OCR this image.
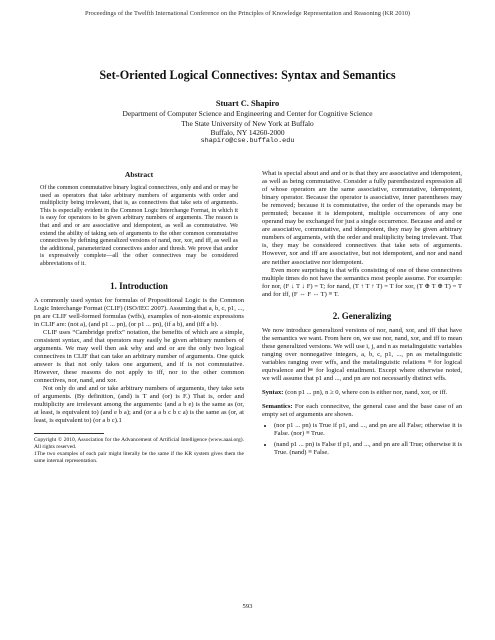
Proceedings of the Twelfth International Conference on the Principles of Knowledge Representation and Reasoning (KR 2010)
Set-Oriented Logical Connectives: Syntax and Semantics
Stuart C. Shapiro
Department of Computer Science and Engineering and Center for Cognitive Science
The State University of New York at Buffalo
Buffalo, NY 14260-2000
shapiro@cse.buffalo.edu
Abstract

Of the common commutative binary logical connectives, only and and or may be used as operators that take arbitrary numbers of arguments with order and multiplicity being irrelevant, that is, as connectives that take sets of arguments. This is especially evident in the Common Logic Interchange Format, in which it is easy for operators to be given arbitrary numbers of arguments. The reason is that and and or are associative and idempotent, as well as commutative. We extend the ability of taking sets of arguments to the other common commutative connectives by defining generalized versions of nand, nor, xor, and iff, as well as the additional, parameterized connectives andor and thresh. We prove that andor is expressively complete—all the other connectives may be considered abbreviations of it.

1. Introduction

A commonly used syntax for formulas of Propositional Logic is the Common Logic Interchange Format (CLIF) (ISO/IEC 2007). Assuming that a, b, c, p1, ..., pn are CLIF well-formed formulas (wffs), examples of non-atomic expressions in CLIF are: (not a), (and p1 ... pn), (or p1 ... pn), (if a b), and (iff a b).

CLIF uses “Cambridge prefix” notation, the benefits of which are a simple, consistent syntax, and that operators may easily be given arbitrary numbers of arguments. We may well then ask why and and or are the only two logical connectives in CLIF that can take an arbitrary number of arguments. One quick answer is that not only takes one argument, and if is not commutative. However, these reasons do not apply to iff, nor to the other common connectives, nor, nand, and xor.

Not only do and and or take arbitrary numbers of arguments, they take sets of arguments. (By definition, (and) is T and (or) is F.) That is, order and multiplicity are irrelevant among the arguments: (and a b e) is the same as (or, at least, is equivalent to) (and e b a); and (or a a b c b c a) is the same as (or, at least, is equivalent to) (or a b c).1

Copyright © 2010, Association for the Advancement of Artificial Intelligence (www.aaai.org). All rights reserved.

1The two examples of each pair might literally be the same if the KR system gives them the same internal representation.

What is special about and and or is that they are associative and idempotent, as well as being commutative. Consider a fully parenthesized expression all of whose operators are the same associative, commutative, idempotent, binary operator. Because the operator is associative, inner parentheses may be removed; because it is commutative, the order of the operands may be permuted; because it is idempotent, multiple occurrences of any one operand may be exchanged for just a single occurrence. Because and and or are associative, commutative, and idempotent, they may be given arbitrary numbers of arguments, with the order and multiplicity being irrelevant. That is, they may be considered connectives that take sets of arguments. However, xor and iff are associative, but not idempotent, and nor and nand are neither associative nor idempotent.

Even more surprising is that wffs consisting of one of these connectives multiple times do not have the semantics most people assume. For example: for nor, (F ↓ T ↓ F) = T; for nand, (T ↑ T ↑ T) = T for xor, (T ⊕ T ⊕ T) = T and for iff, (F ⇔ F ⇔ T) ≡ T.

2. Generalizing

We now introduce generalized versions of nor, nand, xor, and iff that have the semantics we want. From here on, we use nor, nand, xor, and iff to mean these generalized versions. We will use i, j, and n as metalinguistic variables ranging over nonnegative integers, a, b, c, p1, ..., pn as metalinguistic variables ranging over wffs, and the metalinguistic relations ≡ for logical equivalence and ⊨ for logical entailment. Except where otherwise noted, we will assume that p1 and ..., and pn are not necessarily distinct wffs.

Syntax: (con p1 ... pn), n ≥ 0, where con is either nor, nand, xor, or iff.

Semantics: For each connecitve, the general case and the base case of an empty set of arguments are shown.

• (nor p1 ... pn) is True if p1, and ..., and pn are all False; otherwise it is False. (nor) ≡ True.
• (nand p1 ... pn) is False if p1, and ..., and pn are all True; otherwise it is True. (nand) ≡ False.
593
